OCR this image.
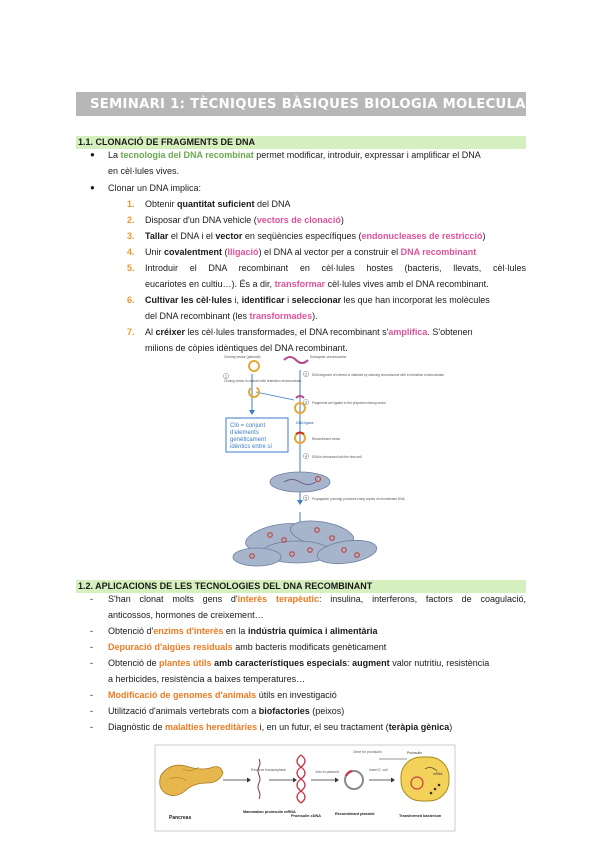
SEMINARI 1: TÈCNIQUES BÀSIQUES BIOLOGIA MOLECULAR
1.1. CLONACIÓ DE FRAGMENTS DE DNA
● La tecnologia del DNA recombinat permet modificar, introduir, expressar i amplificar el DNA
en cèl·lules vives.
● Clonar un DNA implica:
1. Obtenir quantitat suficient del DNA
2. Disposar d'un DNA vehicle (vectors de clonació)
3. Tallar el DNA i el vector en seqüències específiques (endonucleases de restricció)
4. Unir covalentment (lligació) el DNA al vector per a construir el DNA recombinant
5. Introduir el DNA recombinant en cèl·lules hostes (bacteris, llevats, cèl·lules
eucariotes en cultiu…). És a dir, transformar cèl·lules vives amb el DNA recombinant.
6. Cultivar les cèl·lules i, identificar i seleccionar les que han incorporat les molècules
del DNA recombinant (les transformades).
7. Al créixer les cèl·lules transformades, el DNA recombinant s'amplifica. S'obtenen
milions de còpies idèntiques del DNA recombinant.
Cloning vector (plasmid)	Eukaryotic chromosome
Cloning vector is cleaved with restriction endonuclease
DNA fragment of interest is obtained by cleaving chromosome with a restriction endonuclease
Fragments are ligated to the prepared cloning vector
DNA ligase
Recombinant vector
DNA is introduced into the host cell.
Propagation (cloning) produces many copies of recombinant DNA.
2
3
4
5
1
Clò = conjunt
d'elements
genèticament
idèntics entre sí
1.2. APLICACIONS DE LES TECNOLOGIES DEL DNA RECOMBINANT
- S'han clonat molts gens d'interès terapèutic: insulina, interferons, factors de coagulació,
anticossos, hormones de creixement…
- Obtenció d'enzims d'interès en la indústria química i alimentària
- Depuració d'aigües residuals amb bacteris modificats genèticament
- Obtenció de plantes útils amb característiques especials: augment valor nutritiu, resistència
a herbicides, resistència a baixes temperatures…
- Modificació de genomes d'animals útils en investigació
- Utilització d'animals vertebrats com a biofactories (peixos)
- Diagnòstic de malalties hereditàries i, en un futur, el seu tractament (teràpia gènica)
Pancreas
Mammalian proinsulin mRNA
Reverse transcriptase
Proinsulin cDNA
Join to plasmid
Recombinant plasmid
Gene for proinsulin
Insert E. coli
Transformed bacterium
Proinsulin
mRNA
